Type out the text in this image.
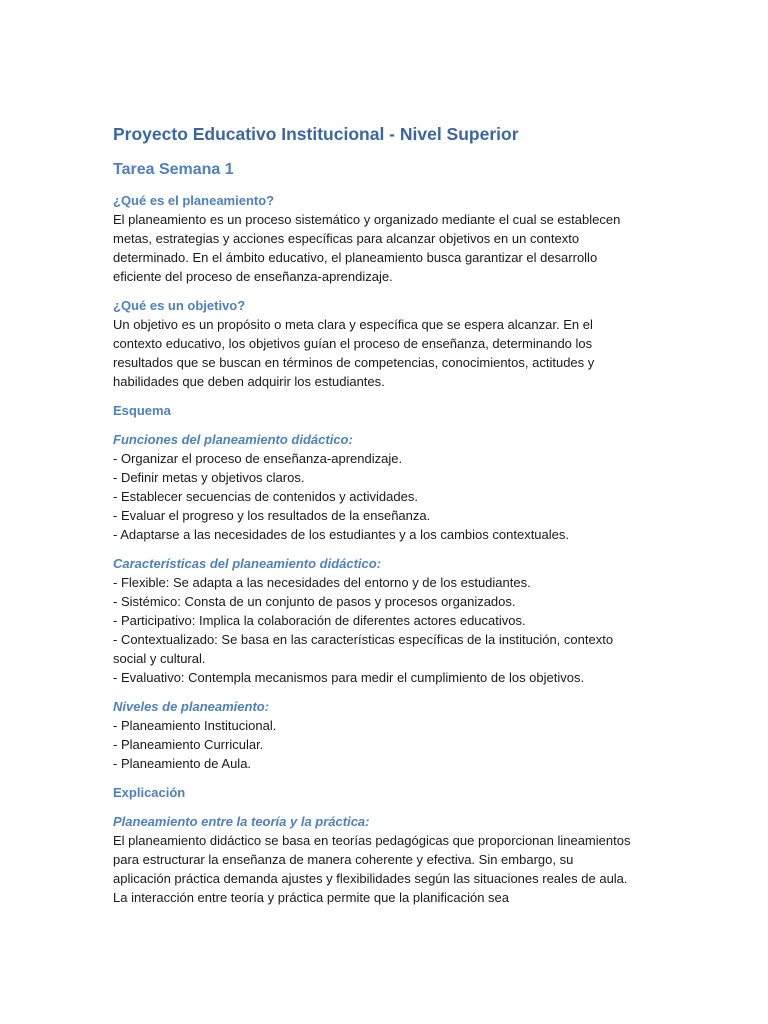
Proyecto Educativo Institucional - Nivel Superior
Tarea Semana 1
¿Qué es el planeamiento?

El planeamiento es un proceso sistemático y organizado mediante el cual se establecen metas, estrategias y acciones específicas para alcanzar objetivos en un contexto determinado. En el ámbito educativo, el planeamiento busca garantizar el desarrollo eficiente del proceso de enseñanza-aprendizaje.

¿Qué es un objetivo?

Un objetivo es un propósito o meta clara y específica que se espera alcanzar. En el contexto educativo, los objetivos guían el proceso de enseñanza, determinando los resultados que se buscan en términos de competencias, conocimientos, actitudes y habilidades que deben adquirir los estudiantes.

Esquema
Funciones del planeamiento didáctico:
- Organizar el proceso de enseñanza-aprendizaje.
- Definir metas y objetivos claros.
- Establecer secuencias de contenidos y actividades.
- Evaluar el progreso y los resultados de la enseñanza.
- Adaptarse a las necesidades de los estudiantes y a los cambios contextuales.
Características del planeamiento didáctico:
- Flexible: Se adapta a las necesidades del entorno y de los estudiantes.
- Sistémico: Consta de un conjunto de pasos y procesos organizados.
- Participativo: Implica la colaboración de diferentes actores educativos.
- Contextualizado: Se basa en las características específicas de la institución, contexto social y cultural.
- Evaluativo: Contempla mecanismos para medir el cumplimiento de los objetivos.
Niveles de planeamiento:
- Planeamiento Institucional.
- Planeamiento Curricular.
- Planeamiento de Aula.
Explicación
Planeamiento entre la teoría y la práctica:

El planeamiento didáctico se basa en teorías pedagógicas que proporcionan lineamientos para estructurar la enseñanza de manera coherente y efectiva. Sin embargo, su aplicación práctica demanda ajustes y flexibilidades según las situaciones reales de aula. La interacción entre teoría y práctica permite que la planificación sea
